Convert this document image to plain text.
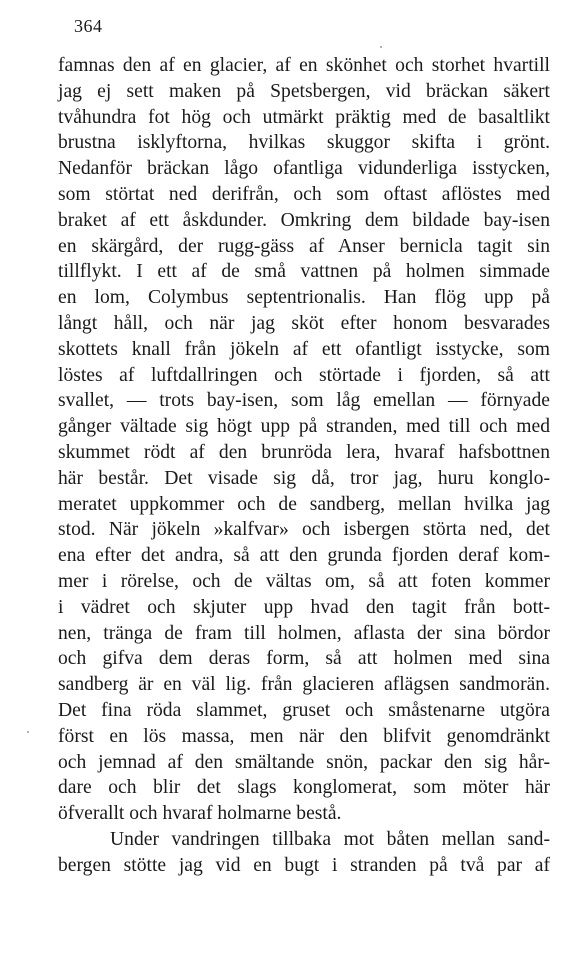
364
famnas den af en glacier, af en skönhet och storhet hvartill
jag ej sett maken på Spetsbergen, vid bräckan säkert
tvåhundra fot hög och utmärkt präktig med de basaltlikt
brustna isklyftorna, hvilkas skuggor skifta i grönt.
Nedanför bräckan lågo ofantliga vidunderliga isstycken,
som störtat ned derifrån, och som oftast aflöstes med
braket af ett åskdunder. Omkring dem bildade bay-isen
en skärgård, der rugg-gäss af Anser bernicla tagit sin
tillflykt. I ett af de små vattnen på holmen simmade
en lom, Colymbus septentrionalis. Han flög upp på
långt håll, och när jag sköt efter honom besvarades
skottets knall från jökeln af ett ofantligt isstycke, som
löstes af luftdallringen och störtade i fjorden, så att
svallet, — trots bay-isen, som låg emellan — förnyade
gånger vältade sig högt upp på stranden, med till och med
skummet rödt af den brunröda lera, hvaraf hafsbottnen
här består. Det visade sig då, tror jag, huru konglo-
meratet uppkommer och de sandberg, mellan hvilka jag
stod. När jökeln »kalfvar» och isbergen störta ned, det
ena efter det andra, så att den grunda fjorden deraf kom-
mer i rörelse, och de vältas om, så att foten kommer
i vädret och skjuter upp hvad den tagit från bott-
nen, tränga de fram till holmen, aflasta der sina bördor
och gifva dem deras form, så att holmen med sina
sandberg är en väl lig. från glacieren aflägsen sandmorän.
Det fina röda slammet, gruset och småstenarne utgöra
först en lös massa, men när den blifvit genomdränkt
och jemnad af den smältande snön, packar den sig hår-
dare och blir det slags konglomerat, som möter här
öfverallt och hvaraf holmarne bestå.
Under vandringen tillbaka mot båten mellan sand-
bergen stötte jag vid en bugt i stranden på två par af
